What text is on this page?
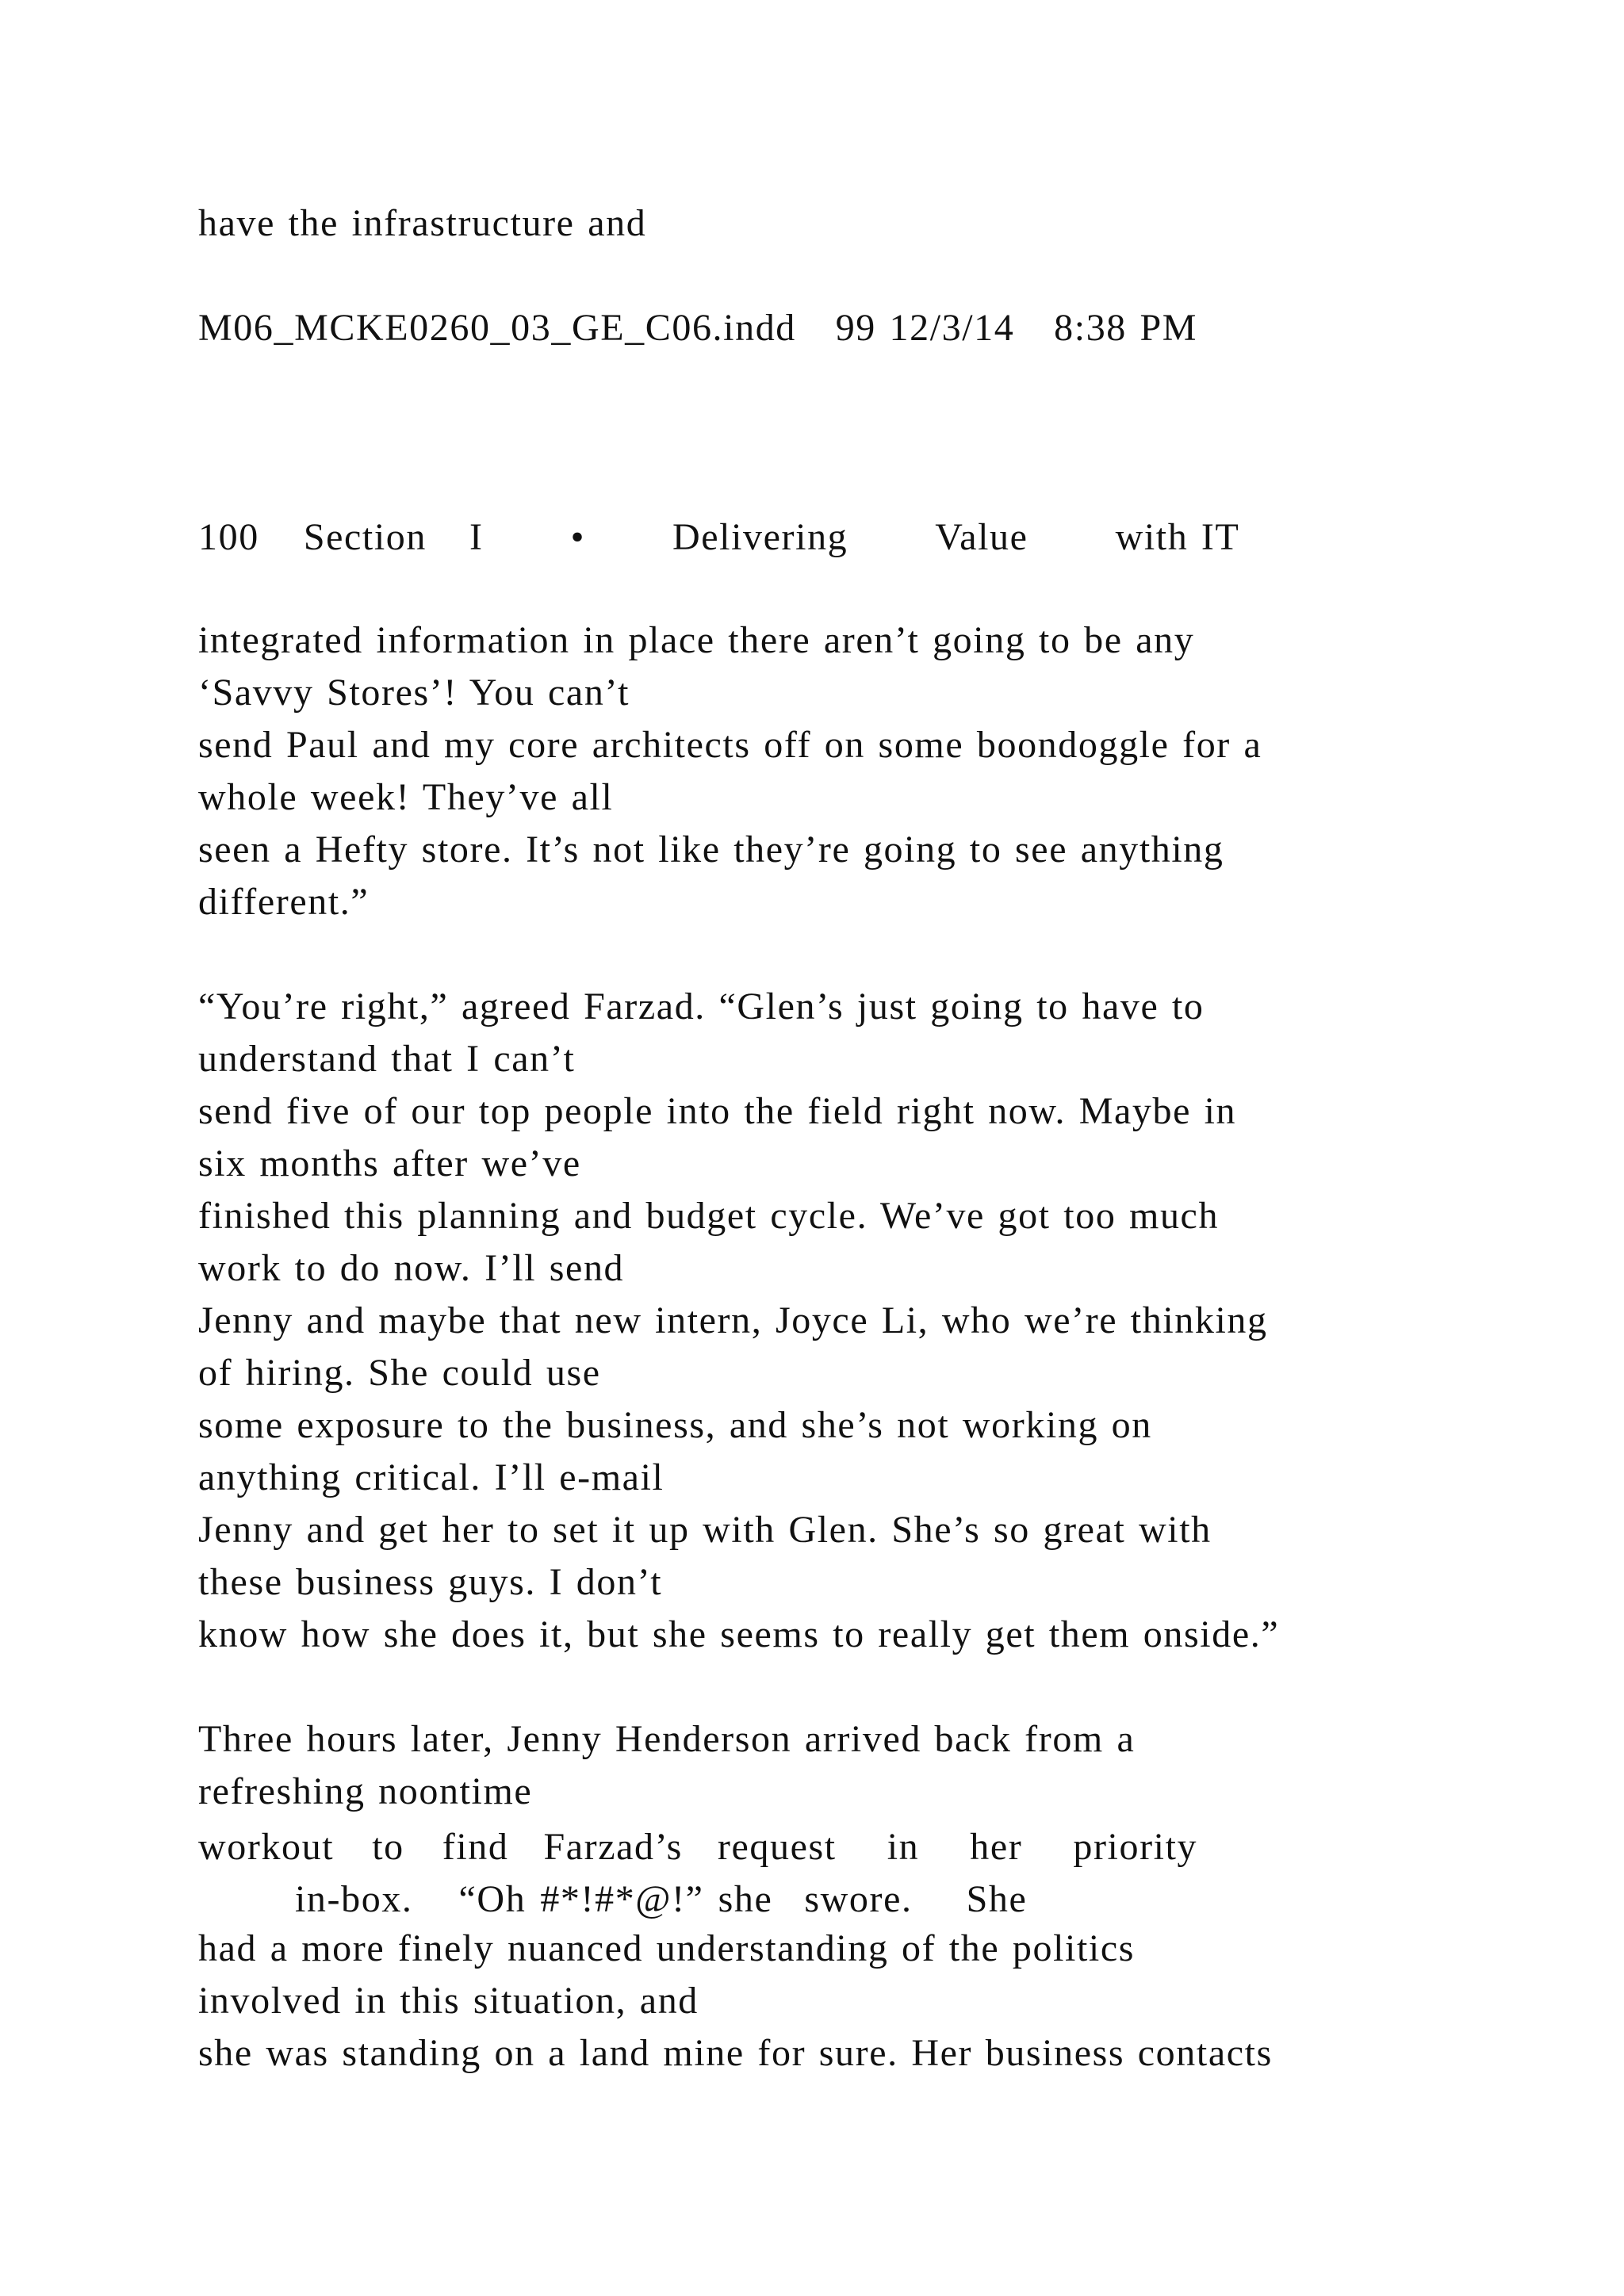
have the infrastructure and
M06_MCKE0260_03_GE_C06.indd   99 12/3/14   8:38 PM
100 Section I • Delivering Value with IT
integrated information in place there aren’t going to be any
‘Savvy Stores’! You can’t
send Paul and my core architects off on some boondoggle for a
whole week! They’ve all
seen a Hefty store. It’s not like they’re going to see anything
different.”
“You’re right,” agreed Farzad. “Glen’s just going to have to
understand that I can’t
send five of our top people into the field right now. Maybe in
six months after we’ve
finished this planning and budget cycle. We’ve got too much
work to do now. I’ll send
Jenny and maybe that new intern, Joyce Li, who we’re thinking
of hiring. She could use
some exposure to the business, and she’s not working on
anything critical. I’ll e-mail
Jenny and get her to set it up with Glen. She’s so great with
these business guys. I don’t
know how she does it, but she seems to really get them onside.”
Three hours later, Jenny Henderson arrived back from a
refreshing noontime
workout to find Farzad’s request in her priority
in-box. “Oh #*!#*@!” she swore. She
had a more finely nuanced understanding of the politics
involved in this situation, and
she was standing on a land mine for sure. Her business contacts
